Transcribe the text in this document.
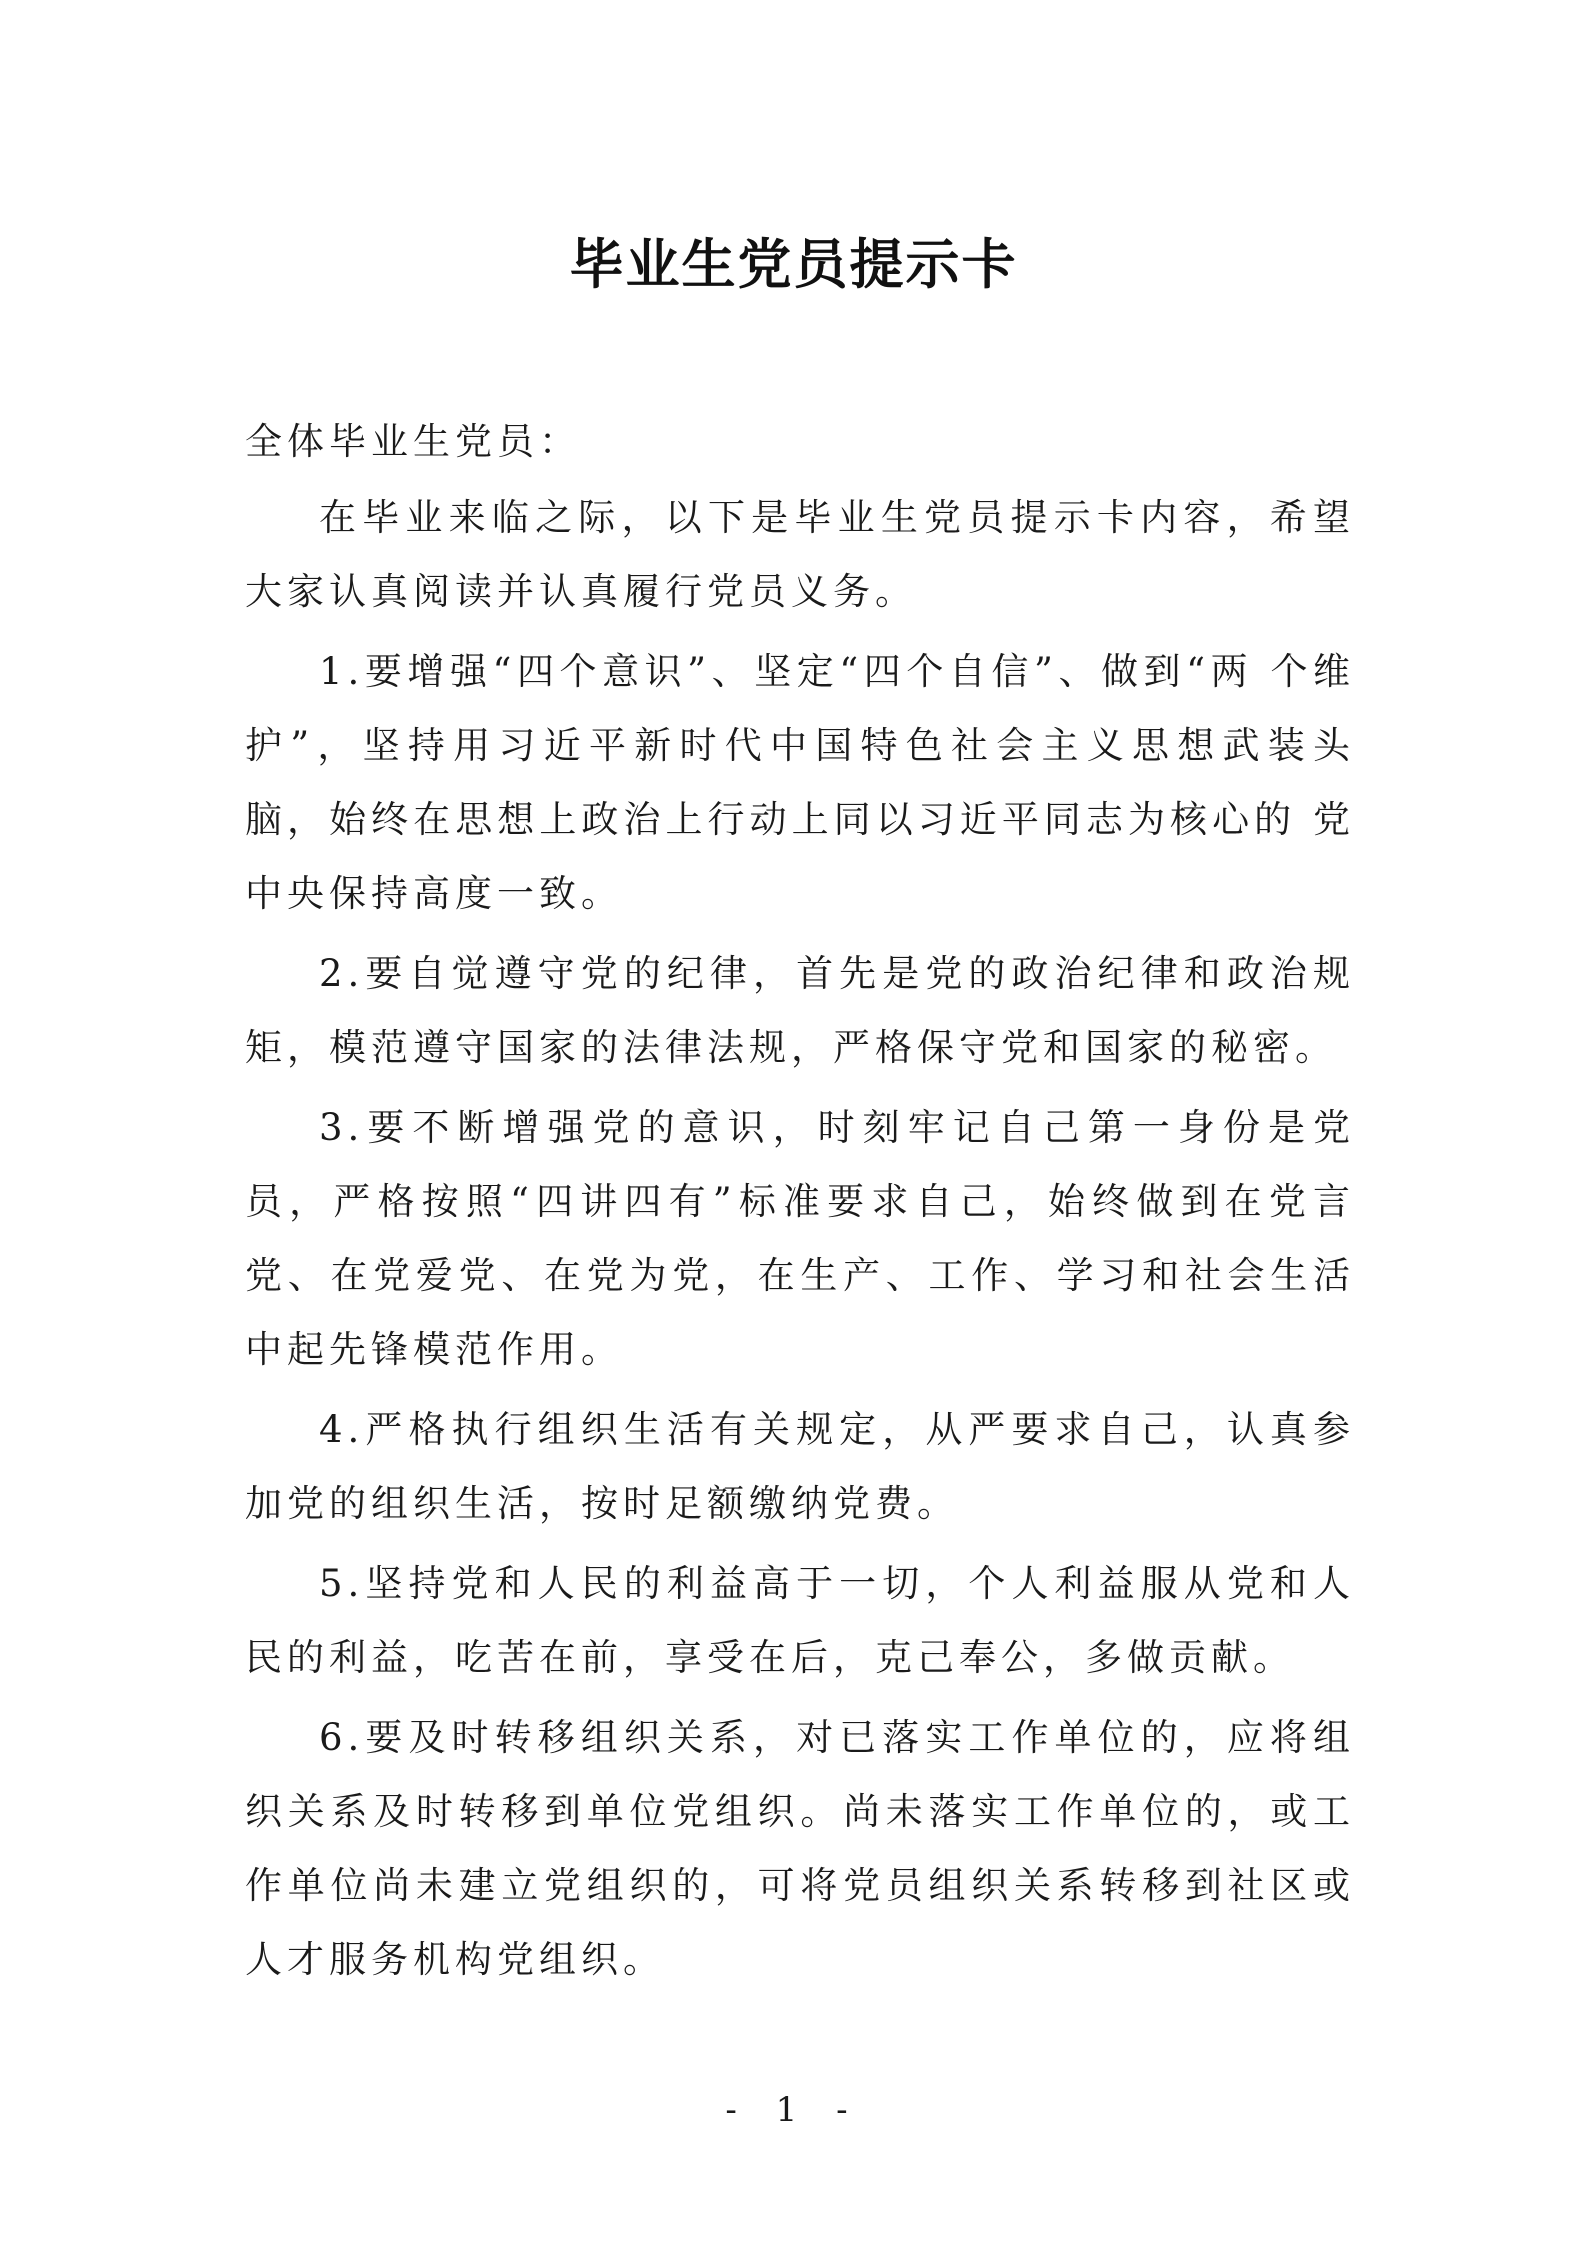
毕业生党员提示卡

全体毕业生党员：

在毕业来临之际，以下是毕业生党员提示卡内容，希望 大家认真阅读并认真履行党员义务。

1.要增强“四个意识”、坚定“四个自信”、做到“两 个维护”，坚持用习近平新时代中国特色社会主义思想武装头脑，始终在思想上政治上行动上同以习近平同志为核心的 党中央保持高度一致。

2.要自觉遵守党的纪律，首先是党的政治纪律和政治规 矩，模范遵守国家的法律法规，严格保守党和国家的秘密。

3.要不断增强党的意识，时刻牢记自己第一身份是党员，严格按照“四讲四有”标准要求自己，始终做到在党言党、在党爱党、在党为党，在生产、工作、学习和社会生活中起先锋模范作用。

4.严格执行组织生活有关规定，从严要求自己，认真参 加党的组织生活，按时足额缴纳党费。

5.坚持党和人民的利益高于一切，个人利益服从党和人 民的利益，吃苦在前，享受在后，克己奉公，多做贡献。

6.要及时转移组织关系，对已落实工作单位的，应将组 织关系及时转移到单位党组织。尚未落实工作单位的，或工 作单位尚未建立党组织的，可将党员组织关系转移到社区或 人才服务机构党组织。

- 1 -
